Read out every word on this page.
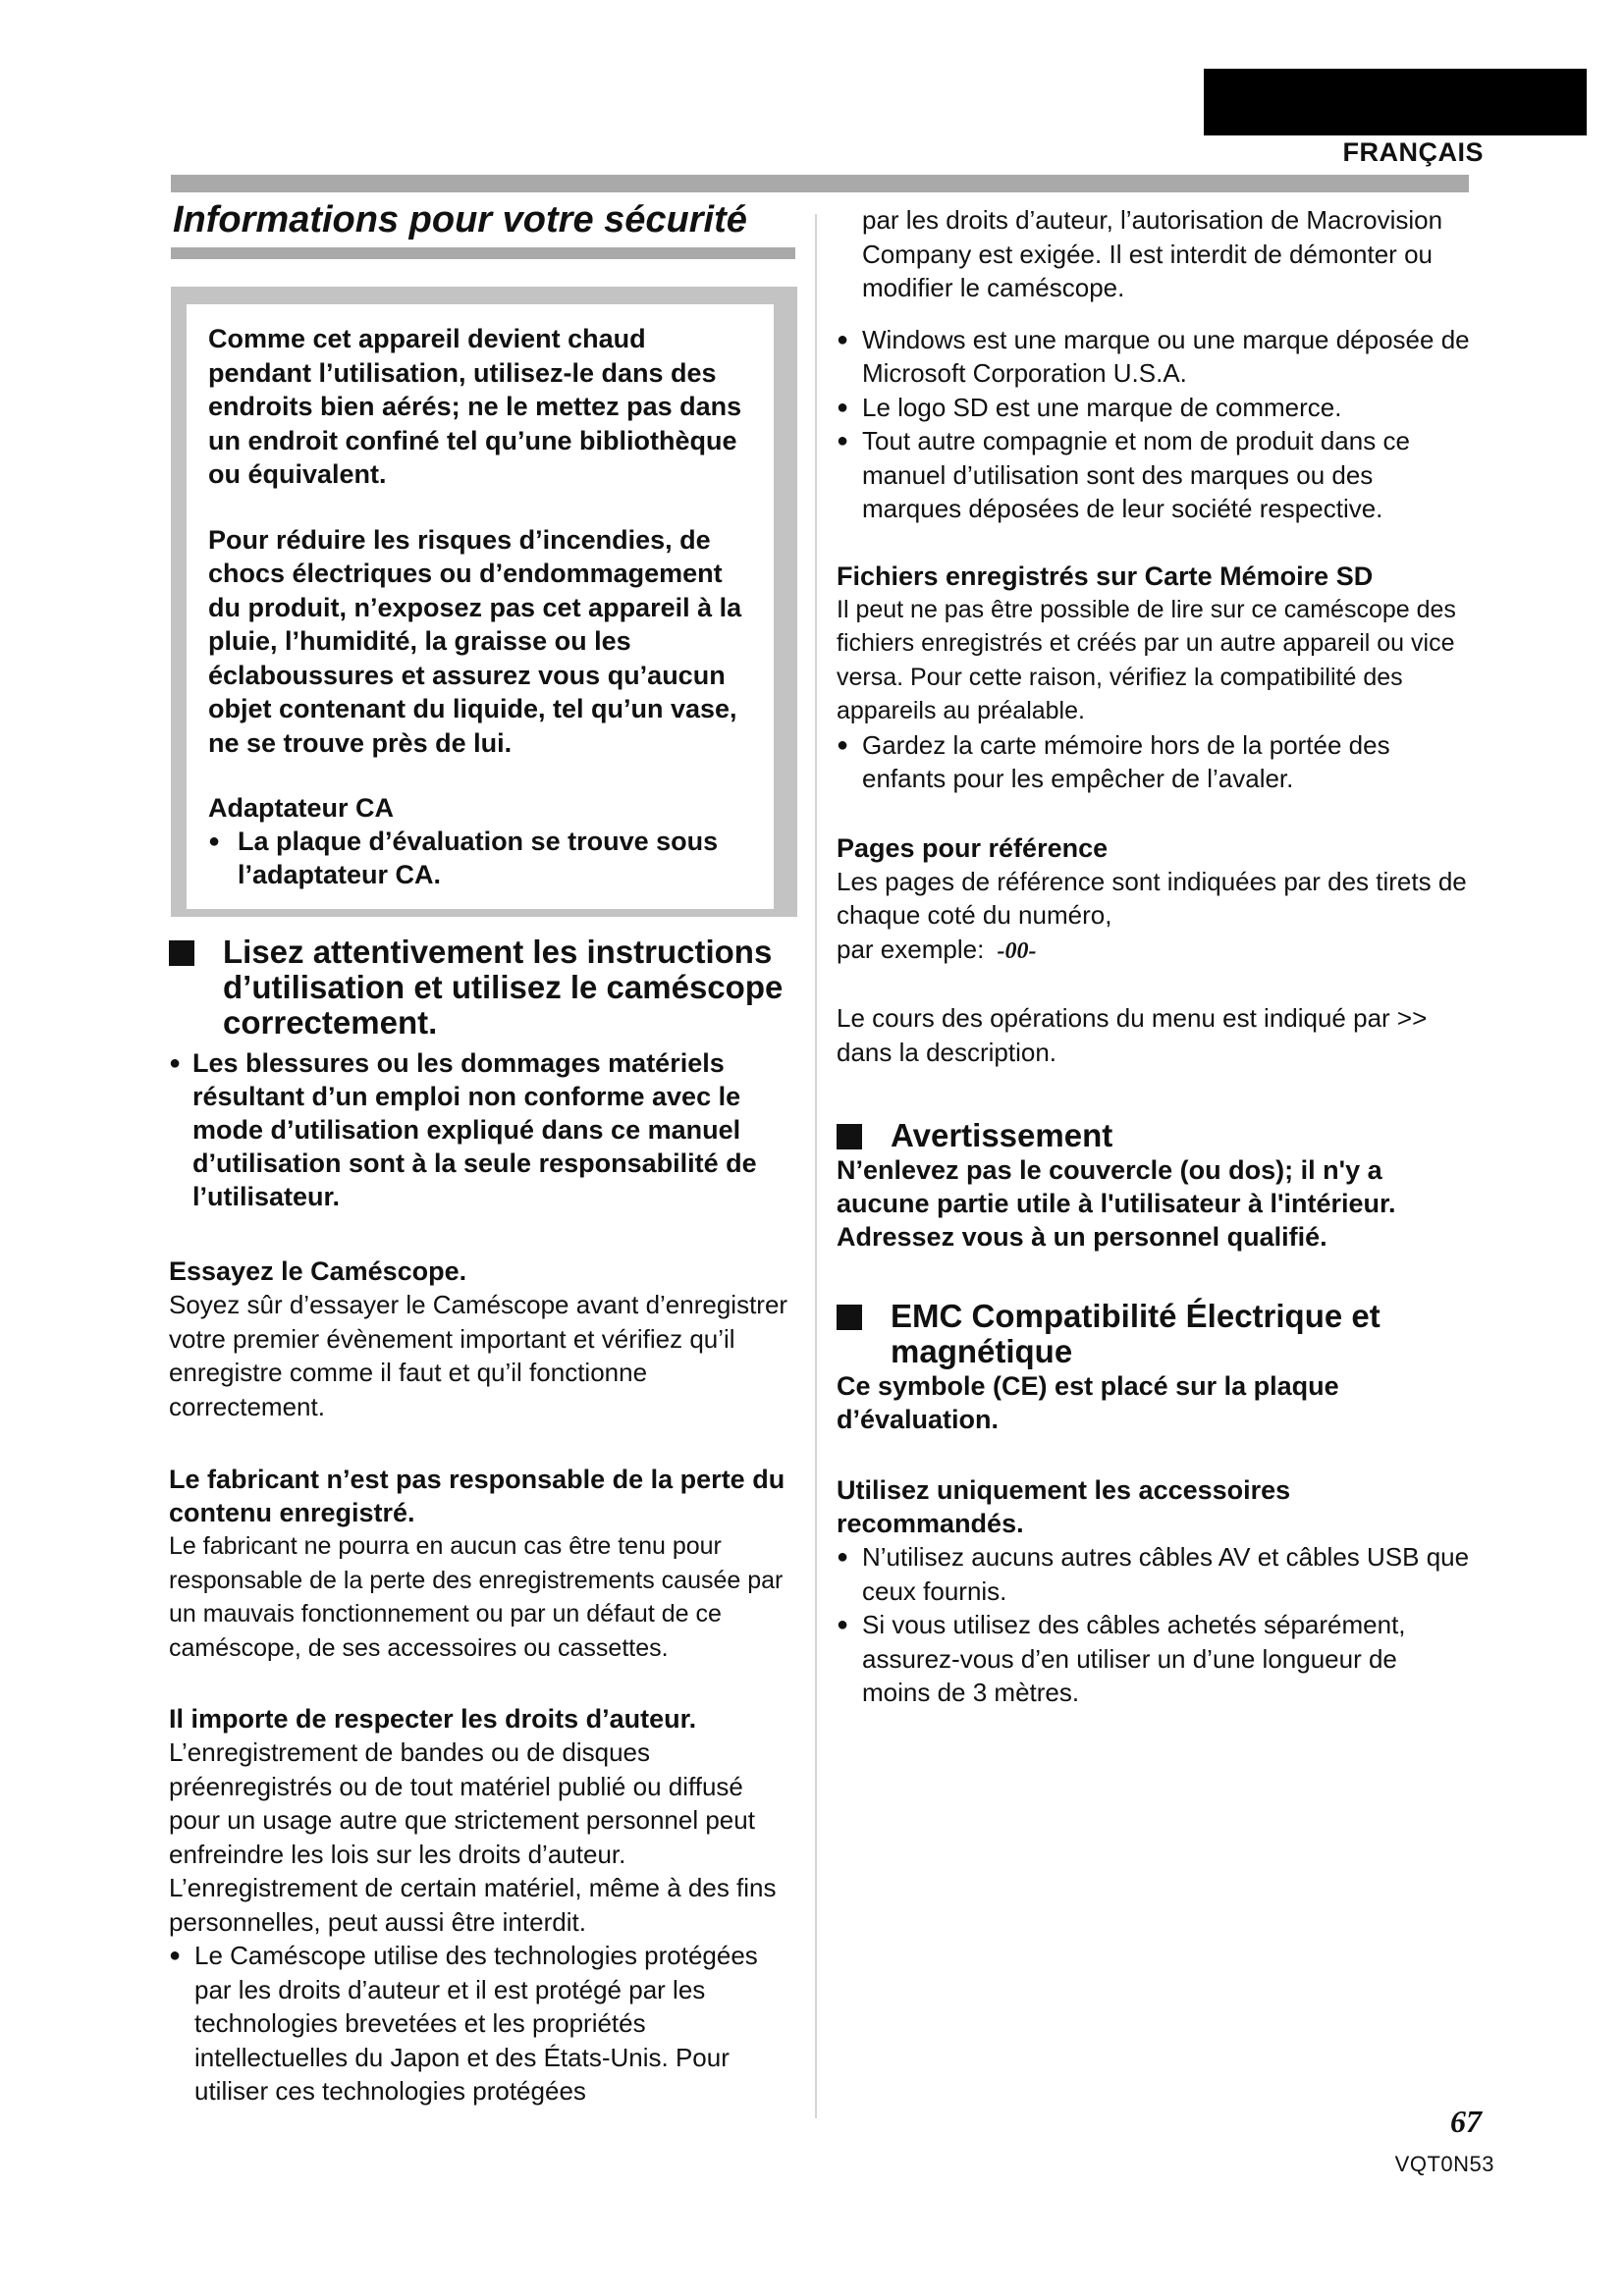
FRANÇAIS
Informations pour votre sécurité

Comme cet appareil devient chaud pendant l’utilisation, utilisez-le dans des endroits bien aérés; ne le mettez pas dans un endroit confiné tel qu’une bibliothèque ou équivalent.

Pour réduire les risques d’incendies, de chocs électriques ou d’endommagement du produit, n’exposez pas cet appareil à la pluie, l’humidité, la graisse ou les éclaboussures et assurez vous qu’aucun objet contenant du liquide, tel qu’un vase, ne se trouve près de lui.

Adaptateur CA
● La plaque d’évaluation se trouve sous l’adaptateur CA.
Lisez attentivement les instructions d’utilisation et utilisez le caméscope correctement.
● Les blessures ou les dommages matériels résultant d’un emploi non conforme avec le mode d’utilisation expliqué dans ce manuel d’utilisation sont à la seule responsabilité de l’utilisateur.
Essayez le Caméscope.

Soyez sûr d’essayer le Caméscope avant d’enregistrer votre premier évènement important et vérifiez qu’il enregistre comme il faut et qu’il fonctionne correctement.

Le fabricant n’est pas responsable de la perte du contenu enregistré.

Le fabricant ne pourra en aucun cas être tenu pour responsable de la perte des enregistrements causée par un mauvais fonctionnement ou par un défaut de ce caméscope, de ses accessoires ou cassettes.

Il importe de respecter les droits d’auteur.

L’enregistrement de bandes ou de disques préenregistrés ou de tout matériel publié ou diffusé pour un usage autre que strictement personnel peut enfreindre les lois sur les droits d’auteur. L’enregistrement de certain matériel, même à des fins personnelles, peut aussi être interdit.

● Le Caméscope utilise des technologies protégées par les droits d’auteur et il est protégé par les technologies brevetées et les propriétés intellectuelles du Japon et des États-Unis. Pour utiliser ces technologies protégées

par les droits d’auteur, l’autorisation de Macrovision Company est exigée. Il est interdit de démonter ou modifier le caméscope.

● Windows est une marque ou une marque déposée de Microsoft Corporation U.S.A.
● Le logo SD est une marque de commerce.
● Tout autre compagnie et nom de produit dans ce manuel d’utilisation sont des marques ou des marques déposées de leur société respective.
Fichiers enregistrés sur Carte Mémoire SD

Il peut ne pas être possible de lire sur ce caméscope des fichiers enregistrés et créés par un autre appareil ou vice versa. Pour cette raison, vérifiez la compatibilité des appareils au préalable.

● Gardez la carte mémoire hors de la portée des enfants pour les empêcher de l’avaler.
Pages pour référence

Les pages de référence sont indiquées par des tirets de chaque coté du numéro,

par exemple: -00-

Le cours des opérations du menu est indiqué par >> dans la description.

Avertissement

N’enlevez pas le couvercle (ou dos); il n'y a aucune partie utile à l'utilisateur à l'intérieur. Adressez vous à un personnel qualifié.

EMC Compatibilité Électrique et magnétique

Ce symbole (CE) est placé sur la plaque d’évaluation.

Utilisez uniquement les accessoires recommandés.
● N’utilisez aucuns autres câbles AV et câbles USB que ceux fournis.
● Si vous utilisez des câbles achetés séparément, assurez-vous d’en utiliser un d’une longueur de moins de 3 mètres.
67
VQT0N53
